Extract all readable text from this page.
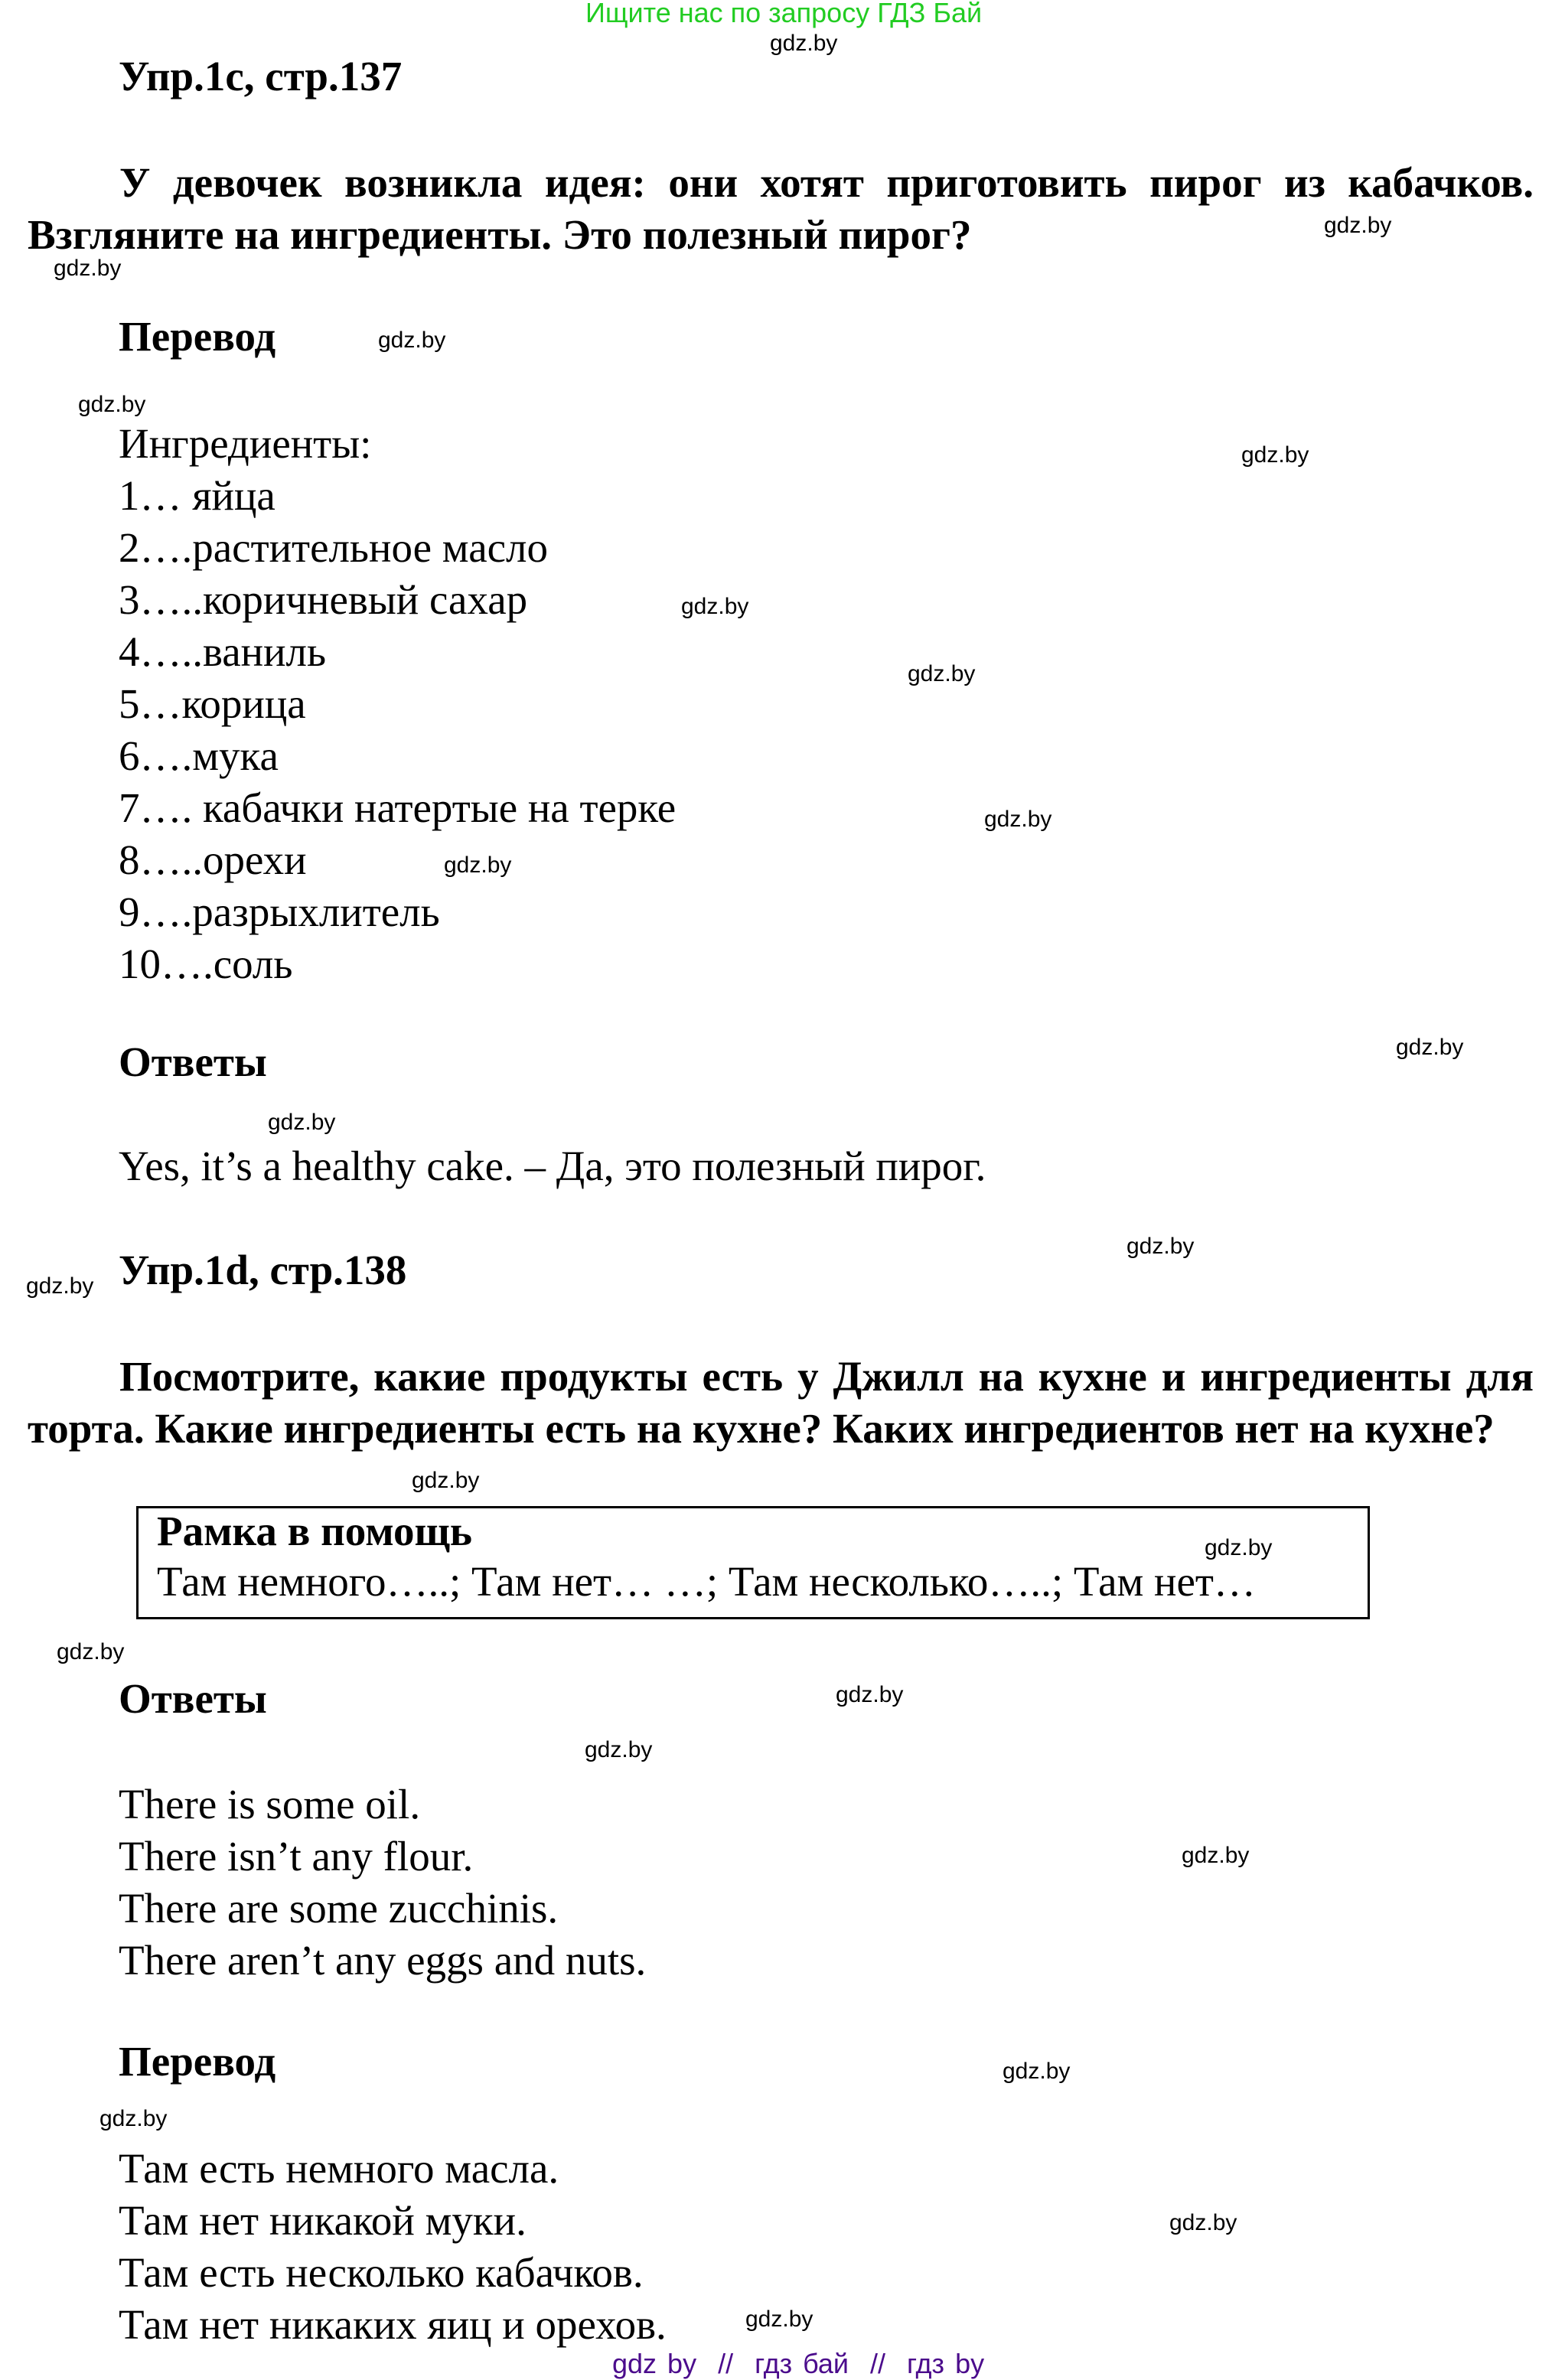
Ищите нас по запросу ГДЗ Бай
gdz.by
gdz.by
gdz.by
gdz.by
gdz.by
gdz.by
gdz.by
gdz.by
gdz.by
gdz.by
gdz.by
gdz.by
gdz.by
gdz.by
gdz.by
gdz.by
gdz.by
gdz.by
gdz.by
gdz.by
gdz.by
gdz.by
gdz.by
gdz.by
Упр.1с, стр.137
У девочек возникла идея: они хотят приготовить пирог из кабачков. Взгляните на ингредиенты. Это полезный пирог?
Перевод
Ингредиенты:
1… яйца
2….растительное масло
3…..коричневый сахар
4…..ваниль
5…корица
6….мука
7…. кабачки натертые на терке
8…..орехи
9….разрыхлитель
10….соль
Ответы
Yes, it’s a healthy cake. – Да, это полезный пирог.
Упр.1d, стр.138
Посмотрите, какие продукты есть у Джилл на кухне и ингредиенты для торта. Какие ингредиенты есть на кухне? Каких ингредиентов нет на кухне?
Рамка в помощь
Там немного…..; Там нет… …; Там несколько…..; Там нет…
Ответы
There is some oil.
There isn’t any flour.
There are some zucchinis.
There aren’t any eggs and nuts.
Перевод
Там есть немного масла.
Там нет никакой муки.
Там есть несколько кабачков.
Там нет никаких яиц и орехов.
gdz by  //  гдз бай  //  гдз by
